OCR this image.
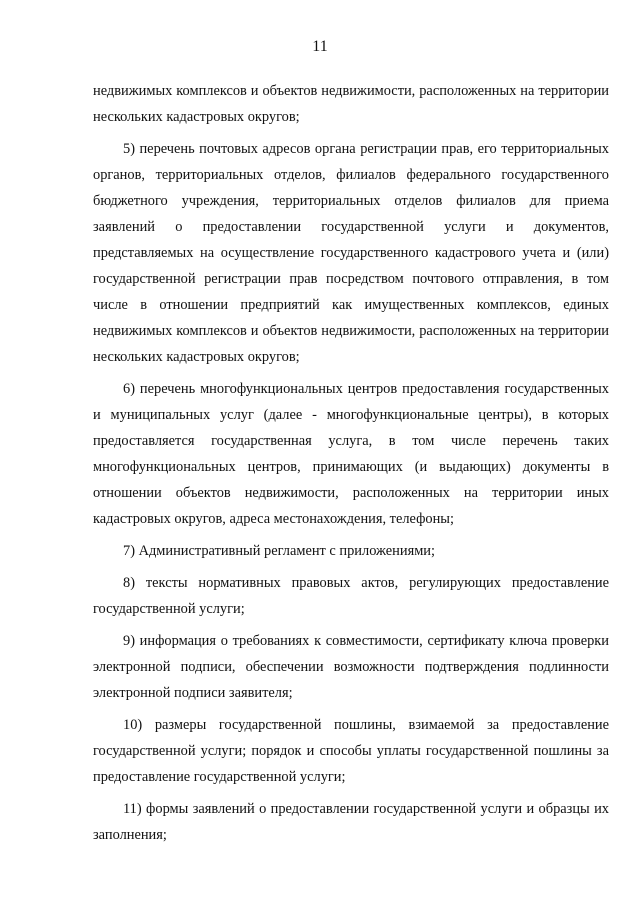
11

недвижимых комплексов и объектов недвижимости, расположенных на территории нескольких кадастровых округов;

5) перечень почтовых адресов органа регистрации прав, его территориальных органов, территориальных отделов, филиалов федерального государственного бюджетного учреждения, территориальных отделов филиалов для приема заявлений о предоставлении государственной услуги и документов, представляемых на осуществление государственного кадастрового учета и (или) государственной регистрации прав посредством почтового отправления, в том числе в отношении предприятий как имущественных комплексов, единых недвижимых комплексов и объектов недвижимости, расположенных на территории нескольких кадастровых округов;

6) перечень многофункциональных центров предоставления государственных и муниципальных услуг (далее - многофункциональные центры), в которых предоставляется государственная услуга, в том числе перечень таких многофункциональных центров, принимающих (и выдающих) документы в отношении объектов недвижимости, расположенных на территории иных кадастровых округов, адреса местонахождения, телефоны;

7) Административный регламент с приложениями;

8) тексты нормативных правовых актов, регулирующих предоставление государственной услуги;

9) информация о требованиях к совместимости, сертификату ключа проверки электронной подписи, обеспечении возможности подтверждения подлинности электронной подписи заявителя;

10) размеры государственной пошлины, взимаемой за предоставление государственной услуги; порядок и способы уплаты государственной пошлины за предоставление государственной услуги;

11) формы заявлений о предоставлении государственной услуги и образцы их заполнения;
